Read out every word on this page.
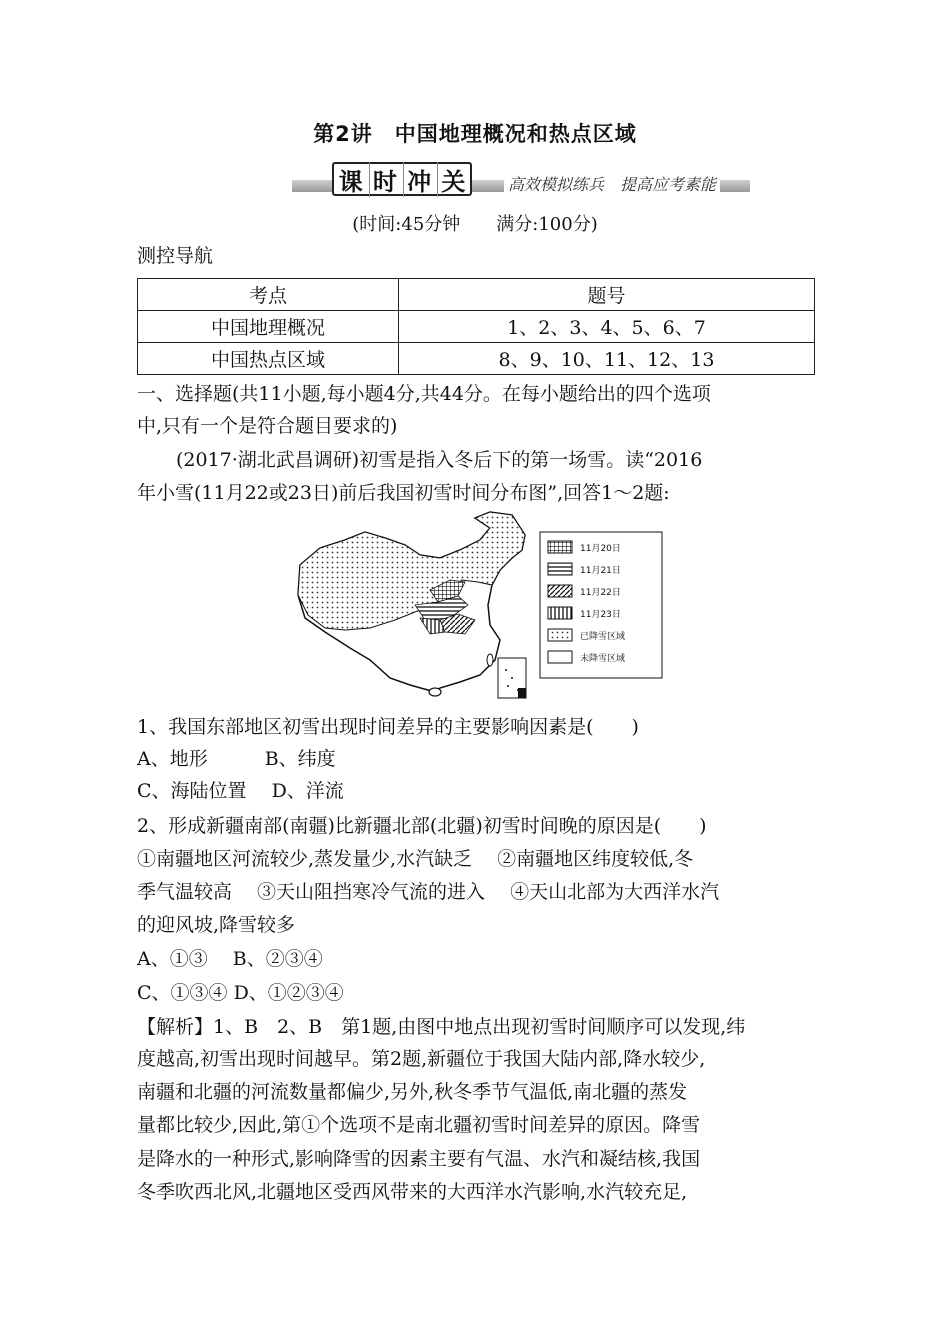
第2讲　中国地理概况和热点区域
课 时 冲 关	高效模拟练兵　提高应考素能
(时间:45分钟　　满分:100分)
测控导航
考点	题号
中国地理概况	1、2、3、4、5、6、7
中国热点区域	8、9、10、11、12、13
一、选择题(共11小题,每小题4分,共44分。在每小题给出的四个选项
中,只有一个是符合题目要求的)
(2017·湖北武昌调研)初雪是指入冬后下的第一场雪。读“2016
年小雪(11月22或23日)前后我国初雪时间分布图”,回答1～2题:
11月20日
11月21日
11月22日
11月23日
已降雪区域
未降雪区域
1、我国东部地区初雪出现时间差异的主要影响因素是(　　)
A、地形　　　B、纬度
C、海陆位置　 D、洋流
2、形成新疆南部(南疆)比新疆北部(北疆)初雪时间晚的原因是(　　)
①南疆地区河流较少,蒸发量少,水汽缺乏　 ②南疆地区纬度较低,冬
季气温较高　 ③天山阻挡寒冷气流的进入　 ④天山北部为大西洋水汽
的迎风坡,降雪较多
A、①③　 B、②③④
C、①③④ D、①②③④
【解析】1、B　2、B　第1题,由图中地点出现初雪时间顺序可以发现,纬
度越高,初雪出现时间越早。第2题,新疆位于我国大陆内部,降水较少,
南疆和北疆的河流数量都偏少,另外,秋冬季节气温低,南北疆的蒸发
量都比较少,因此,第①个选项不是南北疆初雪时间差异的原因。降雪
是降水的一种形式,影响降雪的因素主要有气温、水汽和凝结核,我国
冬季吹西北风,北疆地区受西风带来的大西洋水汽影响,水汽较充足,
